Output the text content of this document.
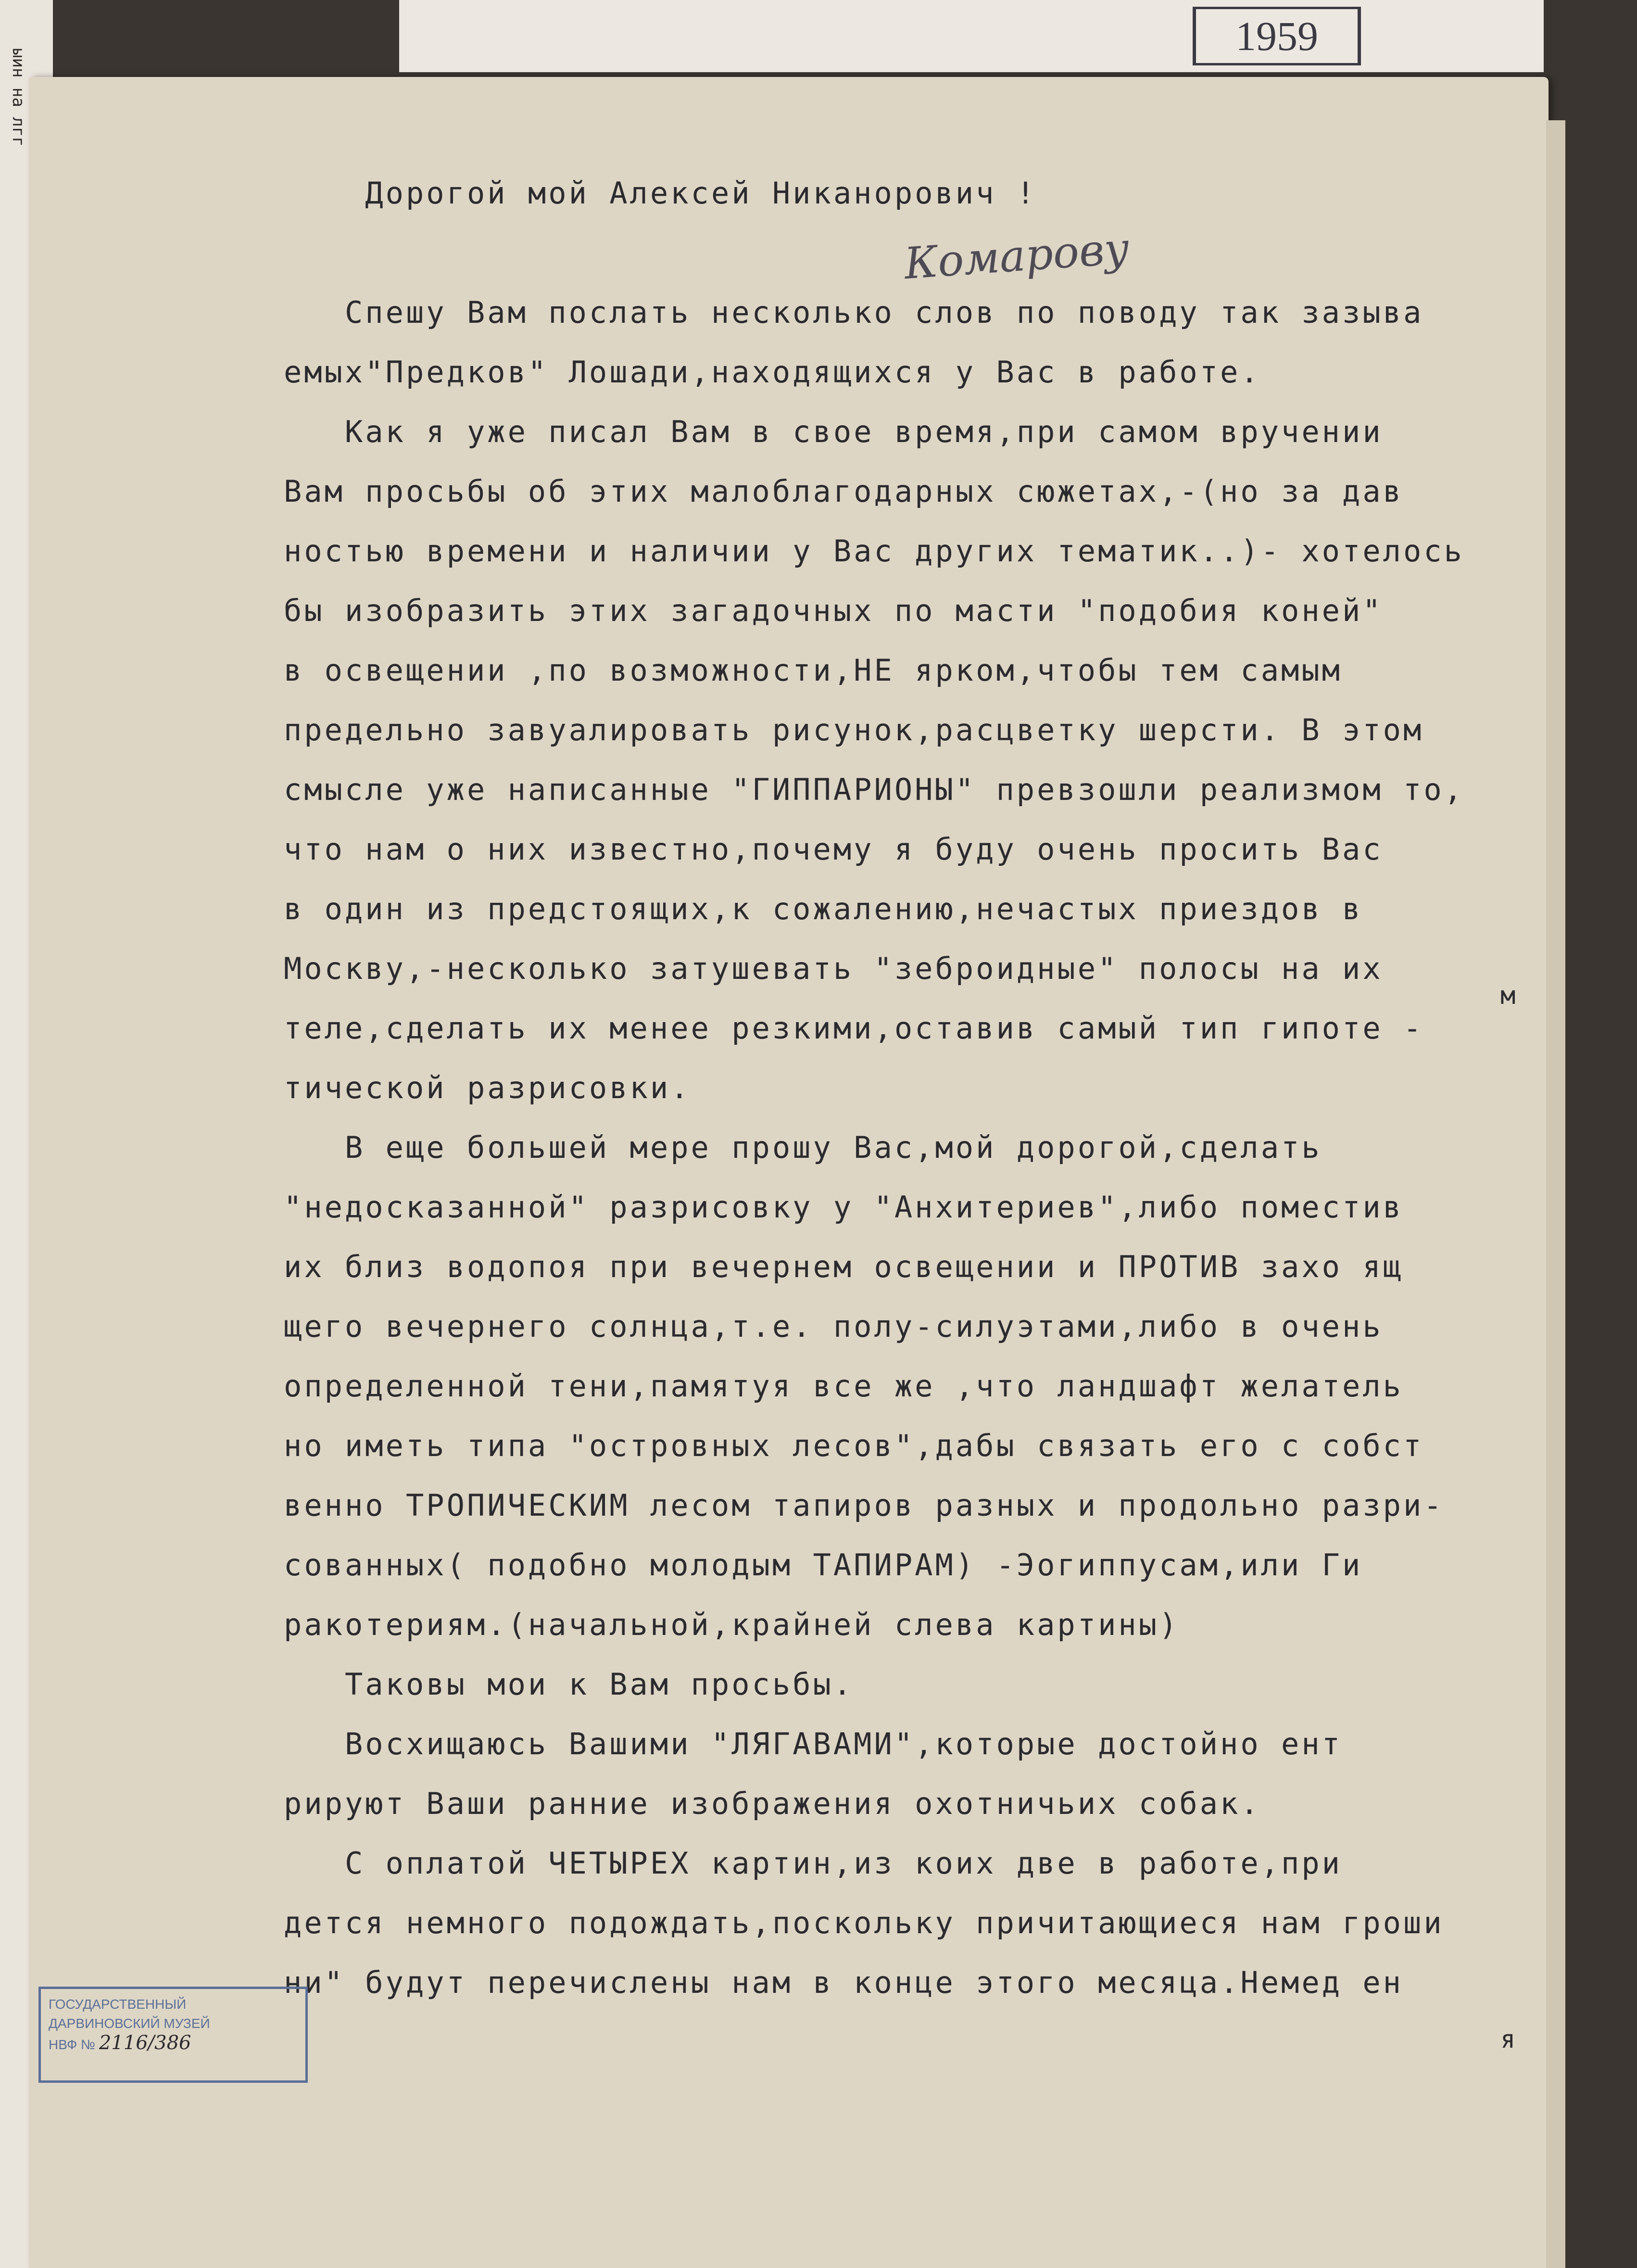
ыин на лгг
1959
Комарову
Дорогой мой Алексей Никанорович !
Спешу Вам послать несколько слов по поводу так зазыва
емых"Предков" Лошади,находящихся у Вас в работе.
Как я уже писал Вам в свое время,при самом вручении
Вам просьбы об этих малоблагодарных сюжетах,-(но за дав
ностью времени и наличии у Вас других тематик..)- хотелось
бы изобразить этих загадочных по масти "подобия коней"
в освещении ,по возможности,НЕ ярком,чтобы тем самым
предельно завуалировать рисунок,расцветку шерсти. В этом
смысле уже написанные "ГИППАРИОНЫ" превзошли реализмом то,
что нам о них известно,почему я буду очень просить Вас
в один из предстоящих,к сожалению,нечастых приездов в
Москву,-несколько затушевать "зеброидные" полосы на их
теле,сделать их менее резкими,оставив самый тип гипоте -
тической разрисовки.
В еще большей мере прошу Вас,мой дорогой,сделать
"недосказанной" разрисовку у "Анхитериев",либо поместив
их близ водопоя при вечернем освещении и ПРОТИВ захо ящ
щего вечернего солнца,т.е. полу-силуэтами,либо в очень
определенной тени,памятуя все же ,что ландшафт желатель
но иметь типа "островных лесов",дабы связать его с собст
венно ТРОПИЧЕСКИМ лесом тапиров разных и продольно разри-
сованных( подобно молодым ТАПИРАМ) -Эогиппусам,или Ги
ракотериям.(начальной,крайней слева картины)
Таковы мои к Вам просьбы.
Восхищаюсь Вашими "ЛЯГАВАМИ",которые достойно ент
рируют Ваши ранние изображения охотничьих собак.
С оплатой ЧЕТЫРЕХ картин,из коих две в работе,при
дется немного подождать,поскольку причитающиеся нам гроши
ни" будут перечислены нам в конце этого месяца.Немед ен
м
я
ГОСУДАРСТВЕННЫЙ
ДАРВИНОВСКИЙ МУЗЕЙ
НВФ № 2116/386
